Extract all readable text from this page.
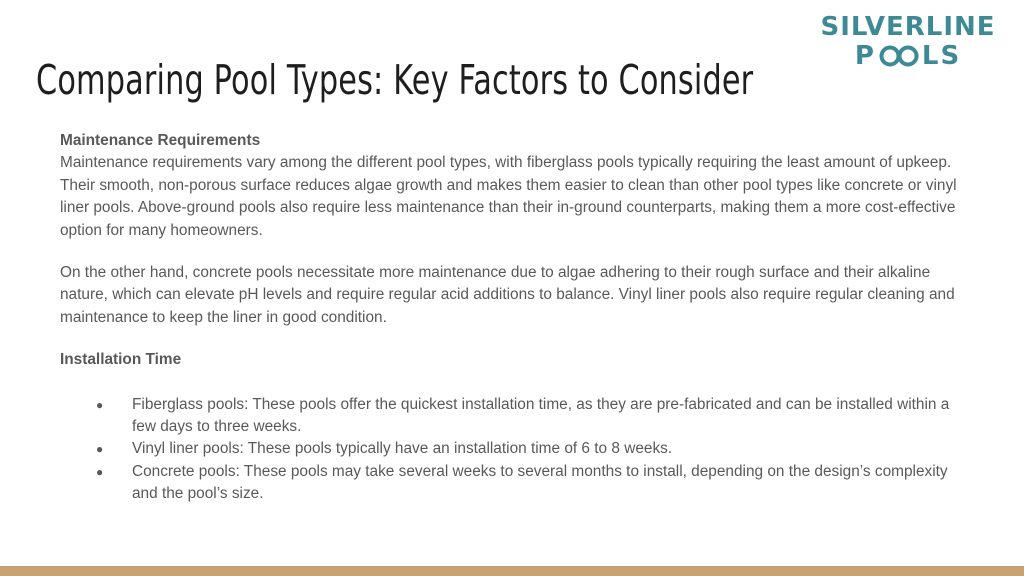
SILVERLINE
P LS
Comparing Pool Types: Key Factors to Consider

Maintenance Requirements

Maintenance requirements vary among the different pool types, with fiberglass pools typically requiring the least amount of upkeep. Their smooth, non-porous surface reduces algae growth and makes them easier to clean than other pool types like concrete or vinyl liner pools. Above-ground pools also require less maintenance than their in-ground counterparts, making them a more cost-effective option for many homeowners.

On the other hand, concrete pools necessitate more maintenance due to algae adhering to their rough surface and their alkaline nature, which can elevate pH levels and require regular acid additions to balance. Vinyl liner pools also require regular cleaning and maintenance to keep the liner in good condition.

Installation Time

● Fiberglass pools: These pools offer the quickest installation time, as they are pre-fabricated and can be installed within a few days to three weeks.
● Vinyl liner pools: These pools typically have an installation time of 6 to 8 weeks.
● Concrete pools: These pools may take several weeks to several months to install, depending on the design’s complexity and the pool’s size.
